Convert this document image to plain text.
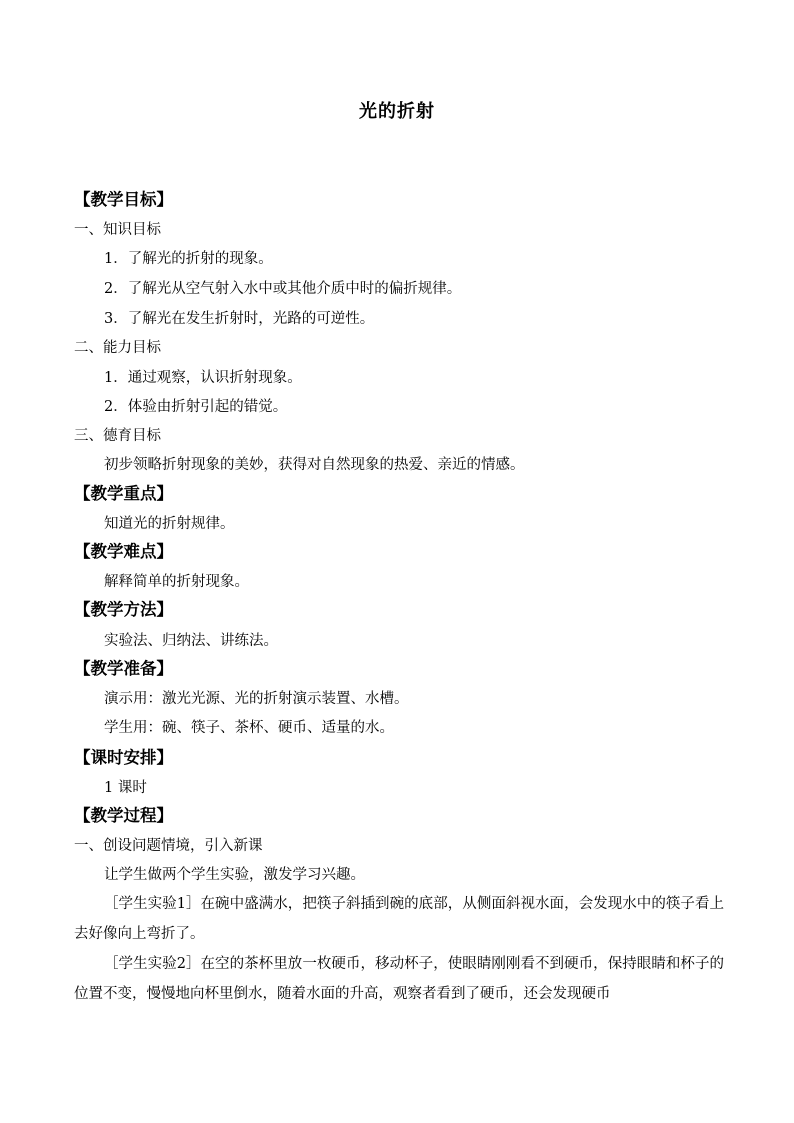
光的折射
【教学目标】
一、知识目标
1．了解光的折射的现象。
2．了解光从空气射入水中或其他介质中时的偏折规律。
3．了解光在发生折射时，光路的可逆性。
二、能力目标
1．通过观察，认识折射现象。
2．体验由折射引起的错觉。
三、德育目标
初步领略折射现象的美妙，获得对自然现象的热爱、亲近的情感。
【教学重点】
知道光的折射规律。
【教学难点】
解释简单的折射现象。
【教学方法】
实验法、归纳法、讲练法。
【教学准备】
演示用：激光光源、光的折射演示装置、水槽。
学生用：碗、筷子、茶杯、硬币、适量的水。
【课时安排】
1 课时
【教学过程】
一、创设问题情境，引入新课
让学生做两个学生实验，激发学习兴趣。
［学生实验1］在碗中盛满水，把筷子斜插到碗的底部，从侧面斜视水面，会发现水中的筷子看上去好像向上弯折了。
［学生实验2］在空的茶杯里放一枚硬币，移动杯子，使眼睛刚刚看不到硬币，保持眼睛和杯子的位置不变，慢慢地向杯里倒水，随着水面的升高，观察者看到了硬币，还会发现硬币
